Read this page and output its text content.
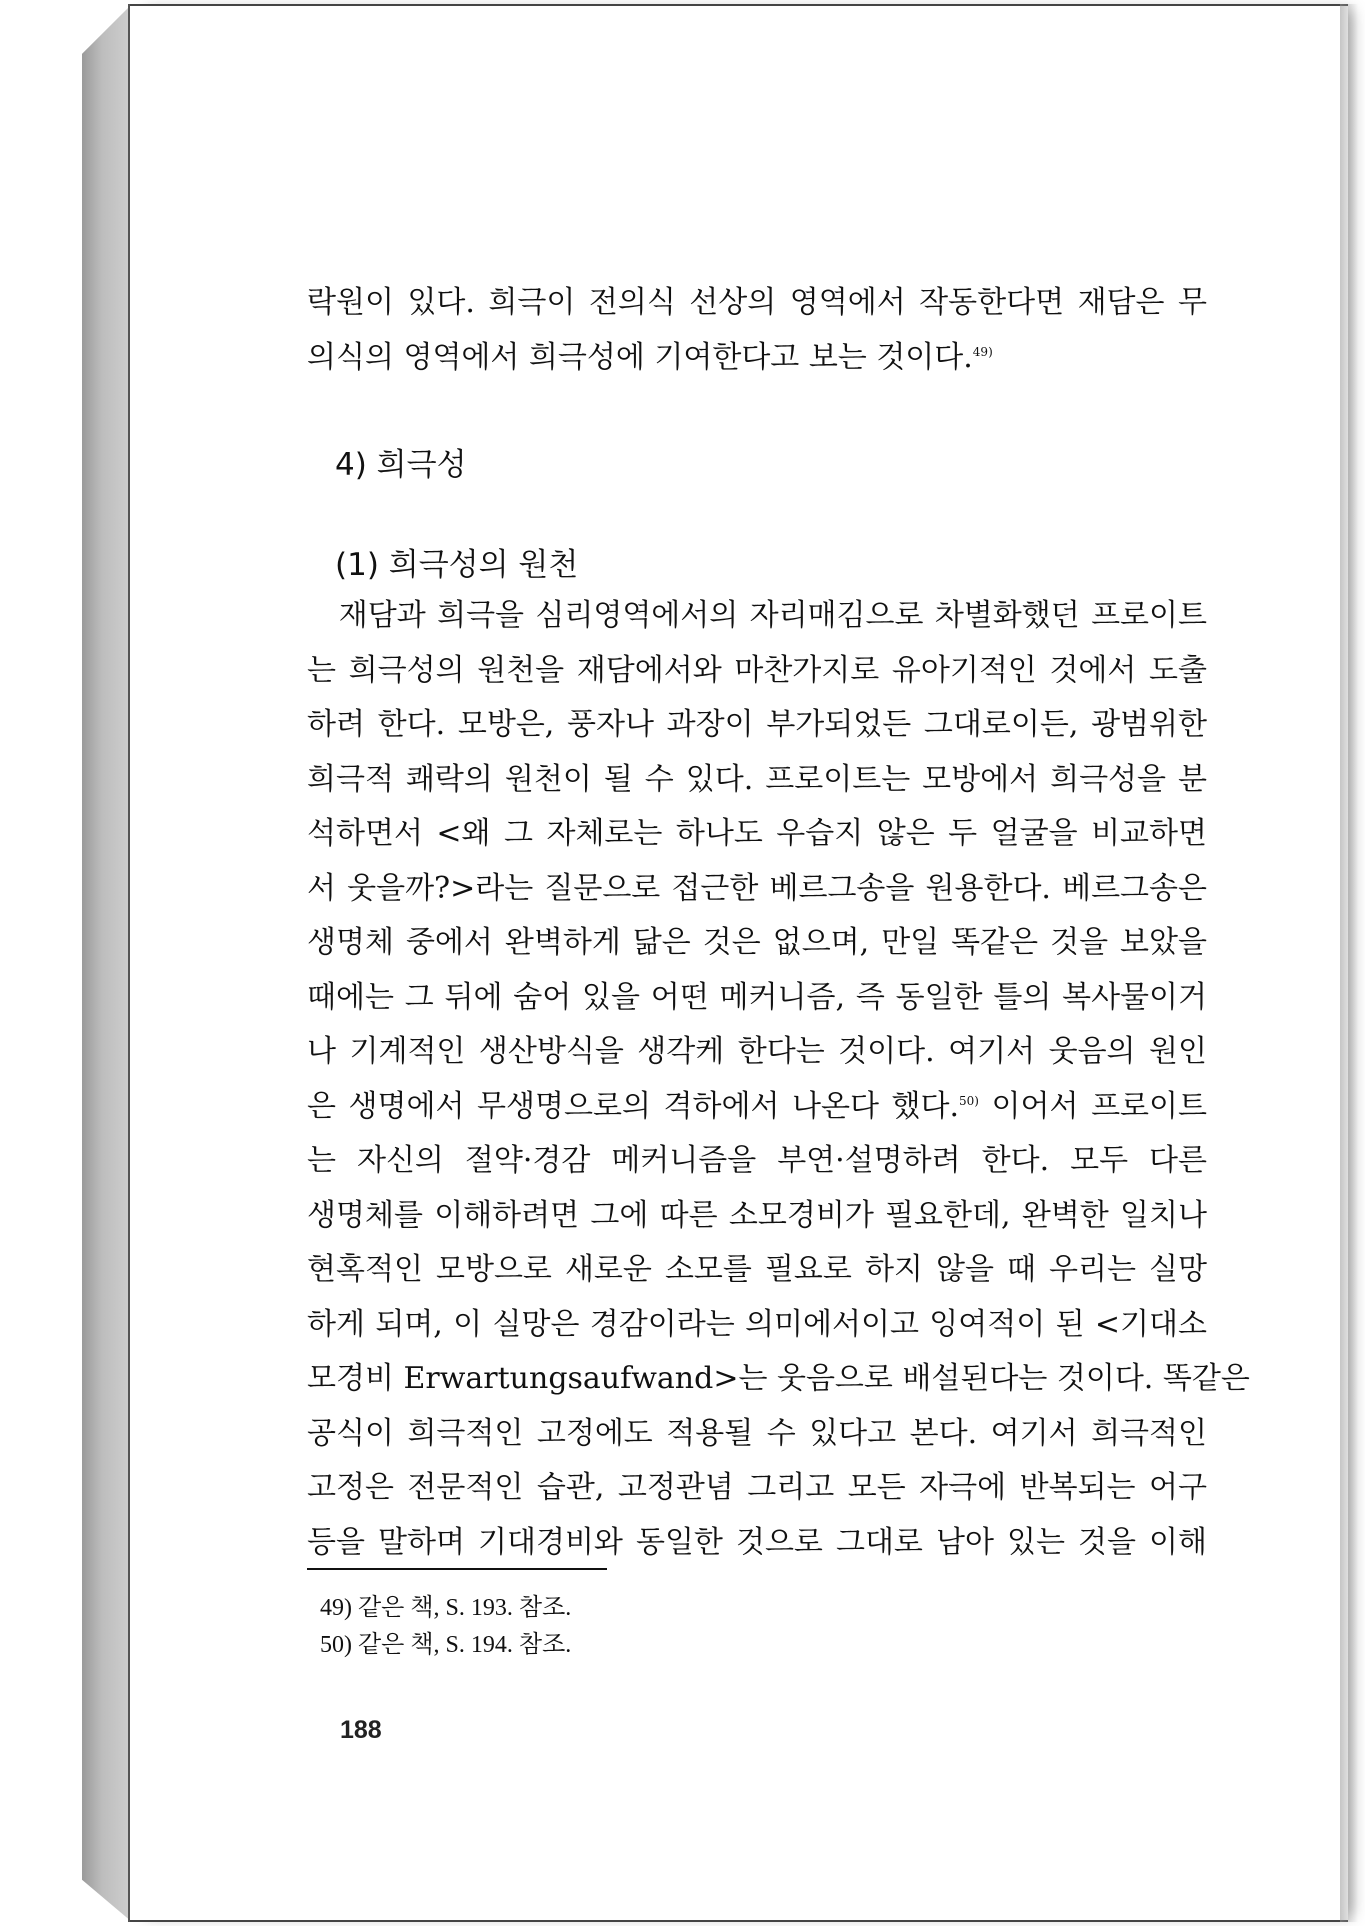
락원이 있다. 희극이 전의식 선상의 영역에서 작동한다면 재담은 무
의식의 영역에서 희극성에 기여한다고 보는 것이다.$^{49)}$
4) 희극성
(1) 희극성의 원천
　재담과 희극을 심리영역에서의 자리매김으로 차별화했던 프로이트
는 희극성의 원천을 재담에서와 마찬가지로 유아기적인 것에서 도출
하려 한다. 모방은, 풍자나 과장이 부가되었든 그대로이든, 광범위한
희극적 쾌락의 원천이 될 수 있다. 프로이트는 모방에서 희극성을 분
석하면서 <왜 그 자체로는 하나도 우습지 않은 두 얼굴을 비교하면
서 웃을까?>라는 질문으로 접근한 베르그송을 원용한다. 베르그송은
생명체 중에서 완벽하게 닮은 것은 없으며, 만일 똑같은 것을 보았을
때에는 그 뒤에 숨어 있을 어떤 메커니즘, 즉 동일한 틀의 복사물이거
나 기계적인 생산방식을 생각케 한다는 것이다. 여기서 웃음의 원인
은 생명에서 무생명으로의 격하에서 나온다 했다.$^{50)}$ 이어서 프로이트
는 자신의 절약·경감 메커니즘을 부연·설명하려 한다. 모두 다른
생명체를 이해하려면 그에 따른 소모경비가 필요한데, 완벽한 일치나
현혹적인 모방으로 새로운 소모를 필요로 하지 않을 때 우리는 실망
하게 되며, 이 실망은 경감이라는 의미에서이고 잉여적이 된 <기대소
모경비 Erwartungsaufwand>는 웃음으로 배설된다는 것이다. 똑같은
공식이 희극적인 고정에도 적용될 수 있다고 본다. 여기서 희극적인
고정은 전문적인 습관, 고정관념 그리고 모든 자극에 반복되는 어구
등을 말하며 기대경비와 동일한 것으로 그대로 남아 있는 것을 이해
49) 같은 책, S. 193. 참조.
50) 같은 책, S. 194. 참조.
188
